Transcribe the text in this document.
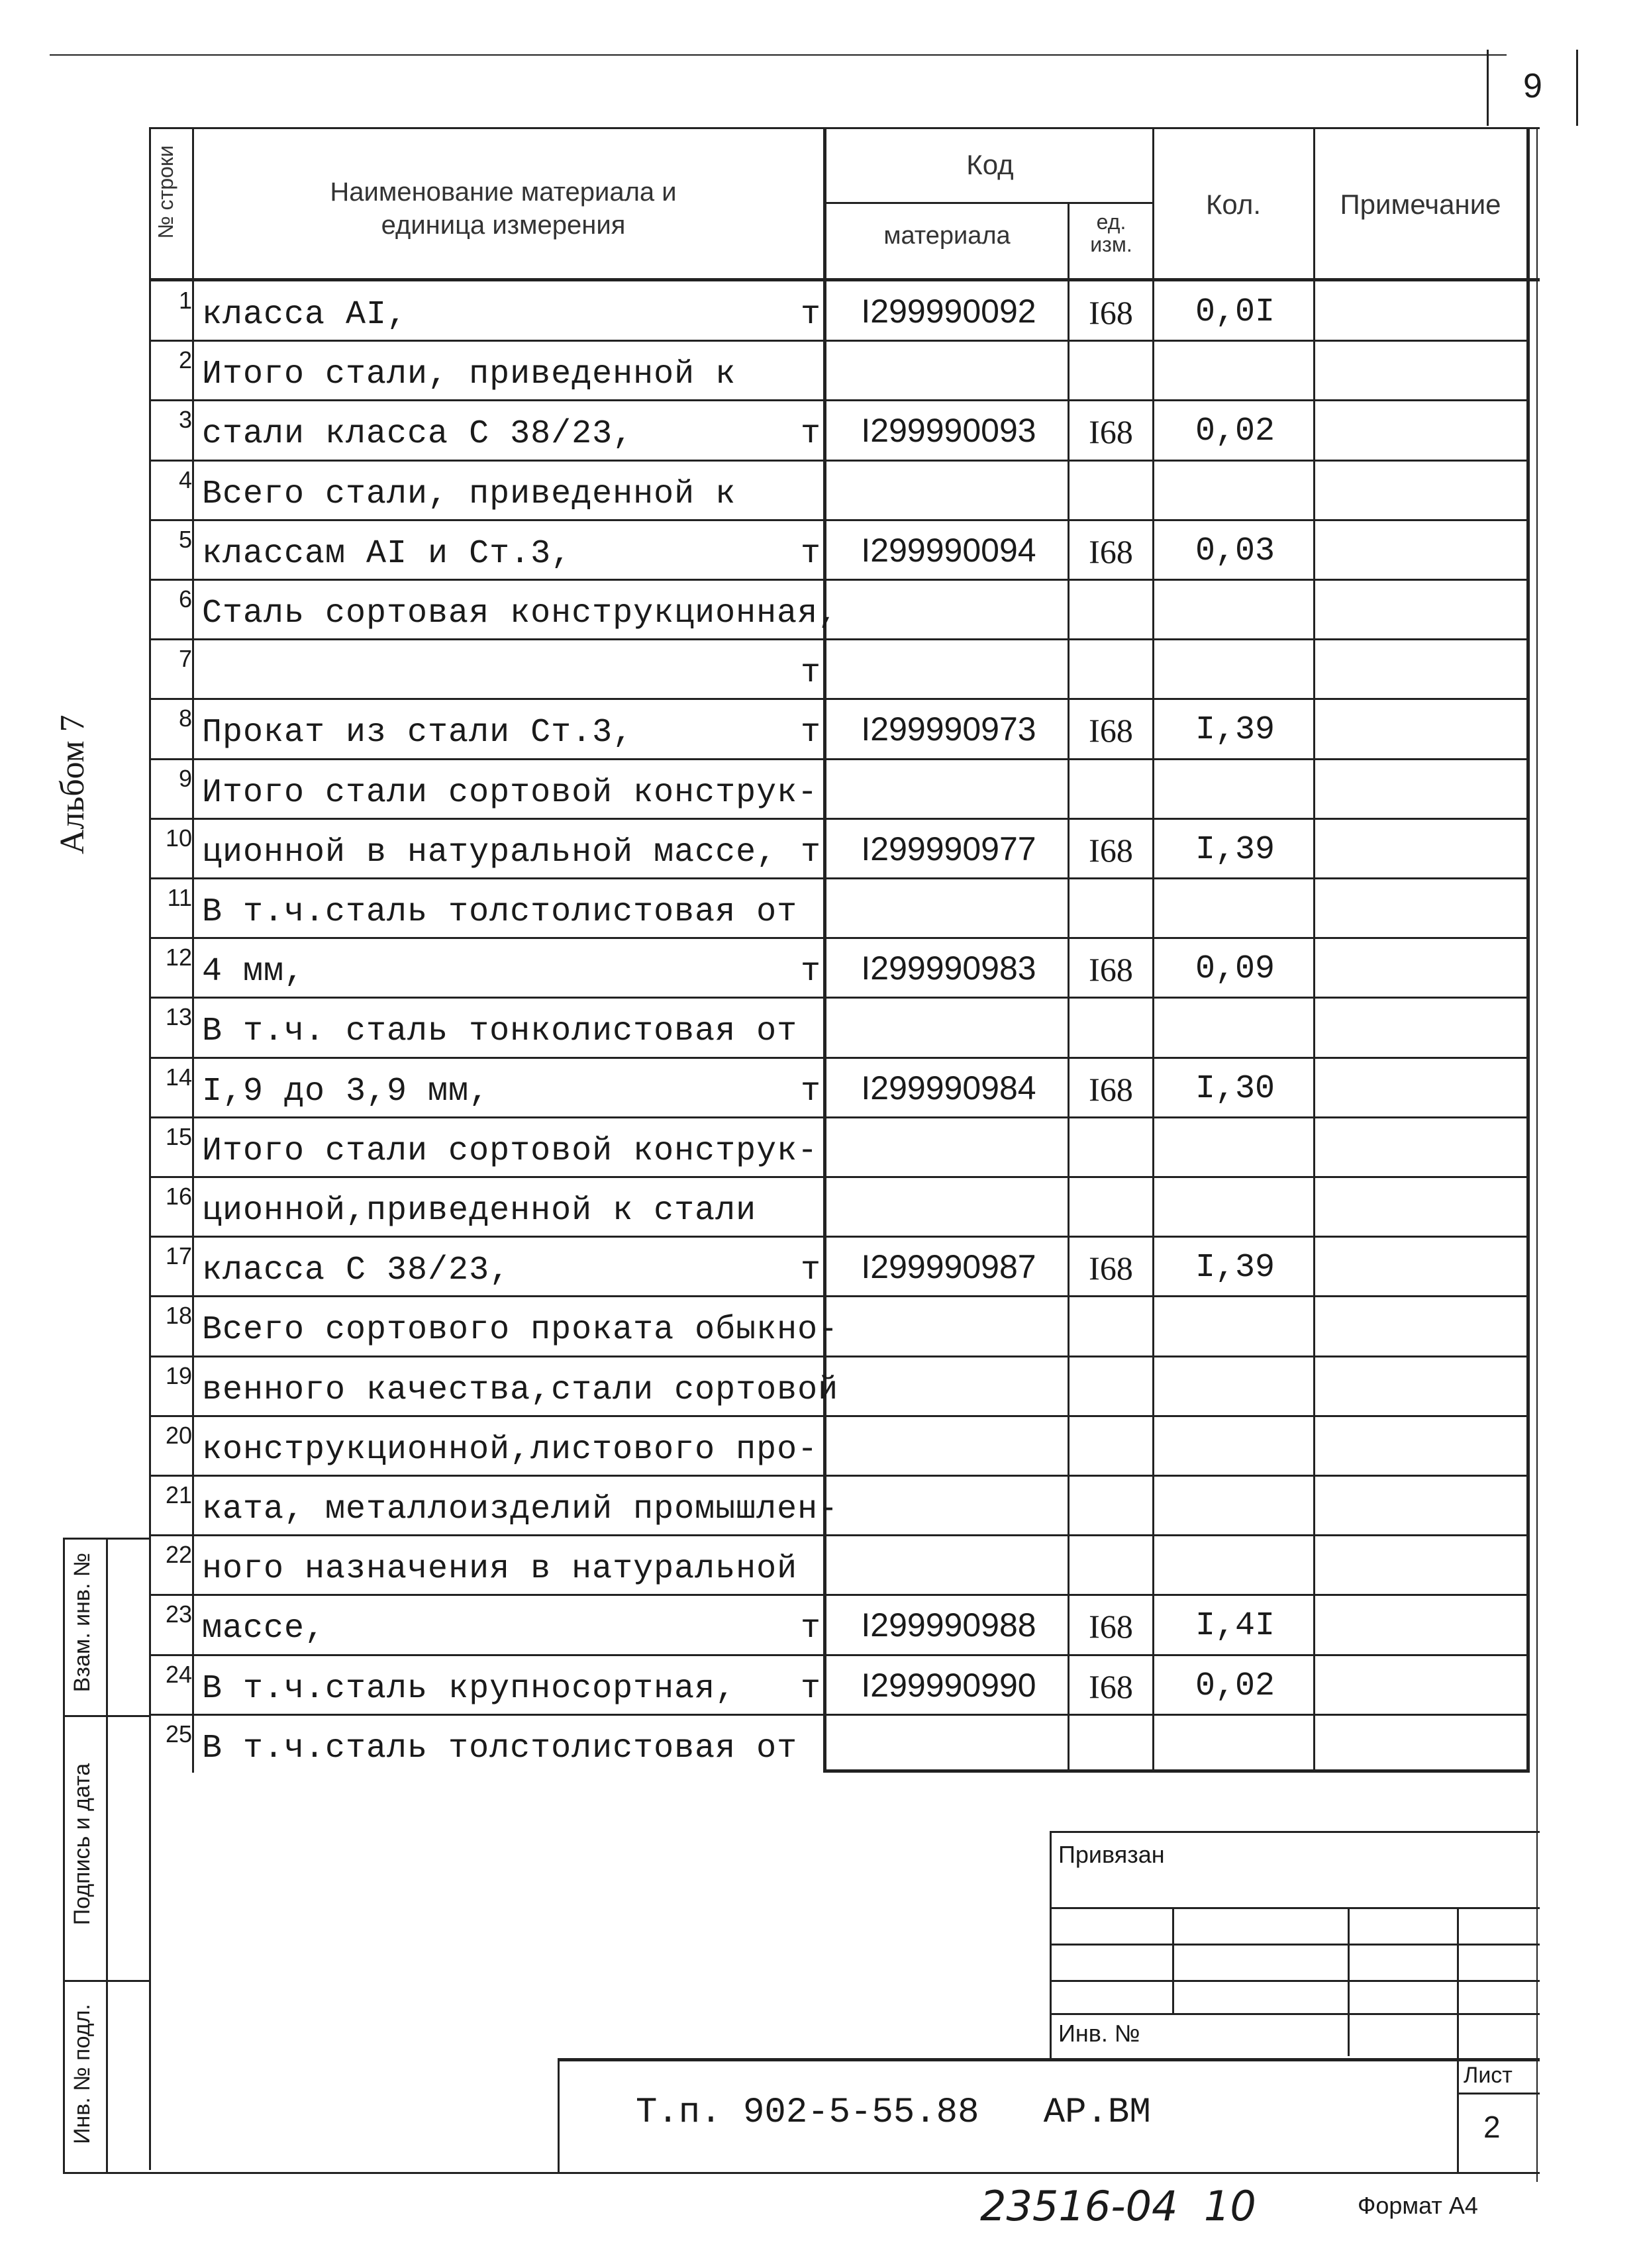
9
Альбом 7
№ строки	Наименование материала и единица измерения
Код
материала	ед. изм.
Кол.	Примечание
1 классa AI,	т	I299990092	I68	0,0I
2 Итого стали, приведенной к
3 стали класса С 38/23,	т	I299990093	I68	0,02
4 Всего стали, приведенной к
5 классам AI и Ст.3,	т	I299990094	I68	0,03
6 Сталь сортовая конструкционная,
7	т
8 Прокат из стали Ст.3,	т	I299990973	I68	I,39
9 Итого стали сортовой конструк-
10 ционной в натуральной массе, т	I299990977	I68	I,39
11 В т.ч.сталь толстолистовая от
12 4 мм,	т	I299990983	I68	0,09
13 В т.ч. сталь тонколистовая от
14 I,9 до 3,9 мм,	т	I299990984	I68	I,30
15 Итого стали сортовой конструк-
16 ционной,приведенной к стали
17 класса С 38/23,	т	I299990987	I68	I,39
18 Всего сортового проката обыкно-
19 венного качества,стали сортовой
20 конструкционной,листового про-
21 ката, металлоизделий промышлен-
22 ного назначения в натуральной
23 массе,	т	I299990988	I68	I,4I
24 В т.ч.сталь крупносортная, т	I299990990	I68	0,02
25 В т.ч.сталь толстолистовая от
Взам. инв. №
Подпись и дата
Инв. № подл.
Привязан
Инв. №
Т.п. 902-5-55.88   АР.ВМ
Лист
2
23516-04  10	Формат А4
